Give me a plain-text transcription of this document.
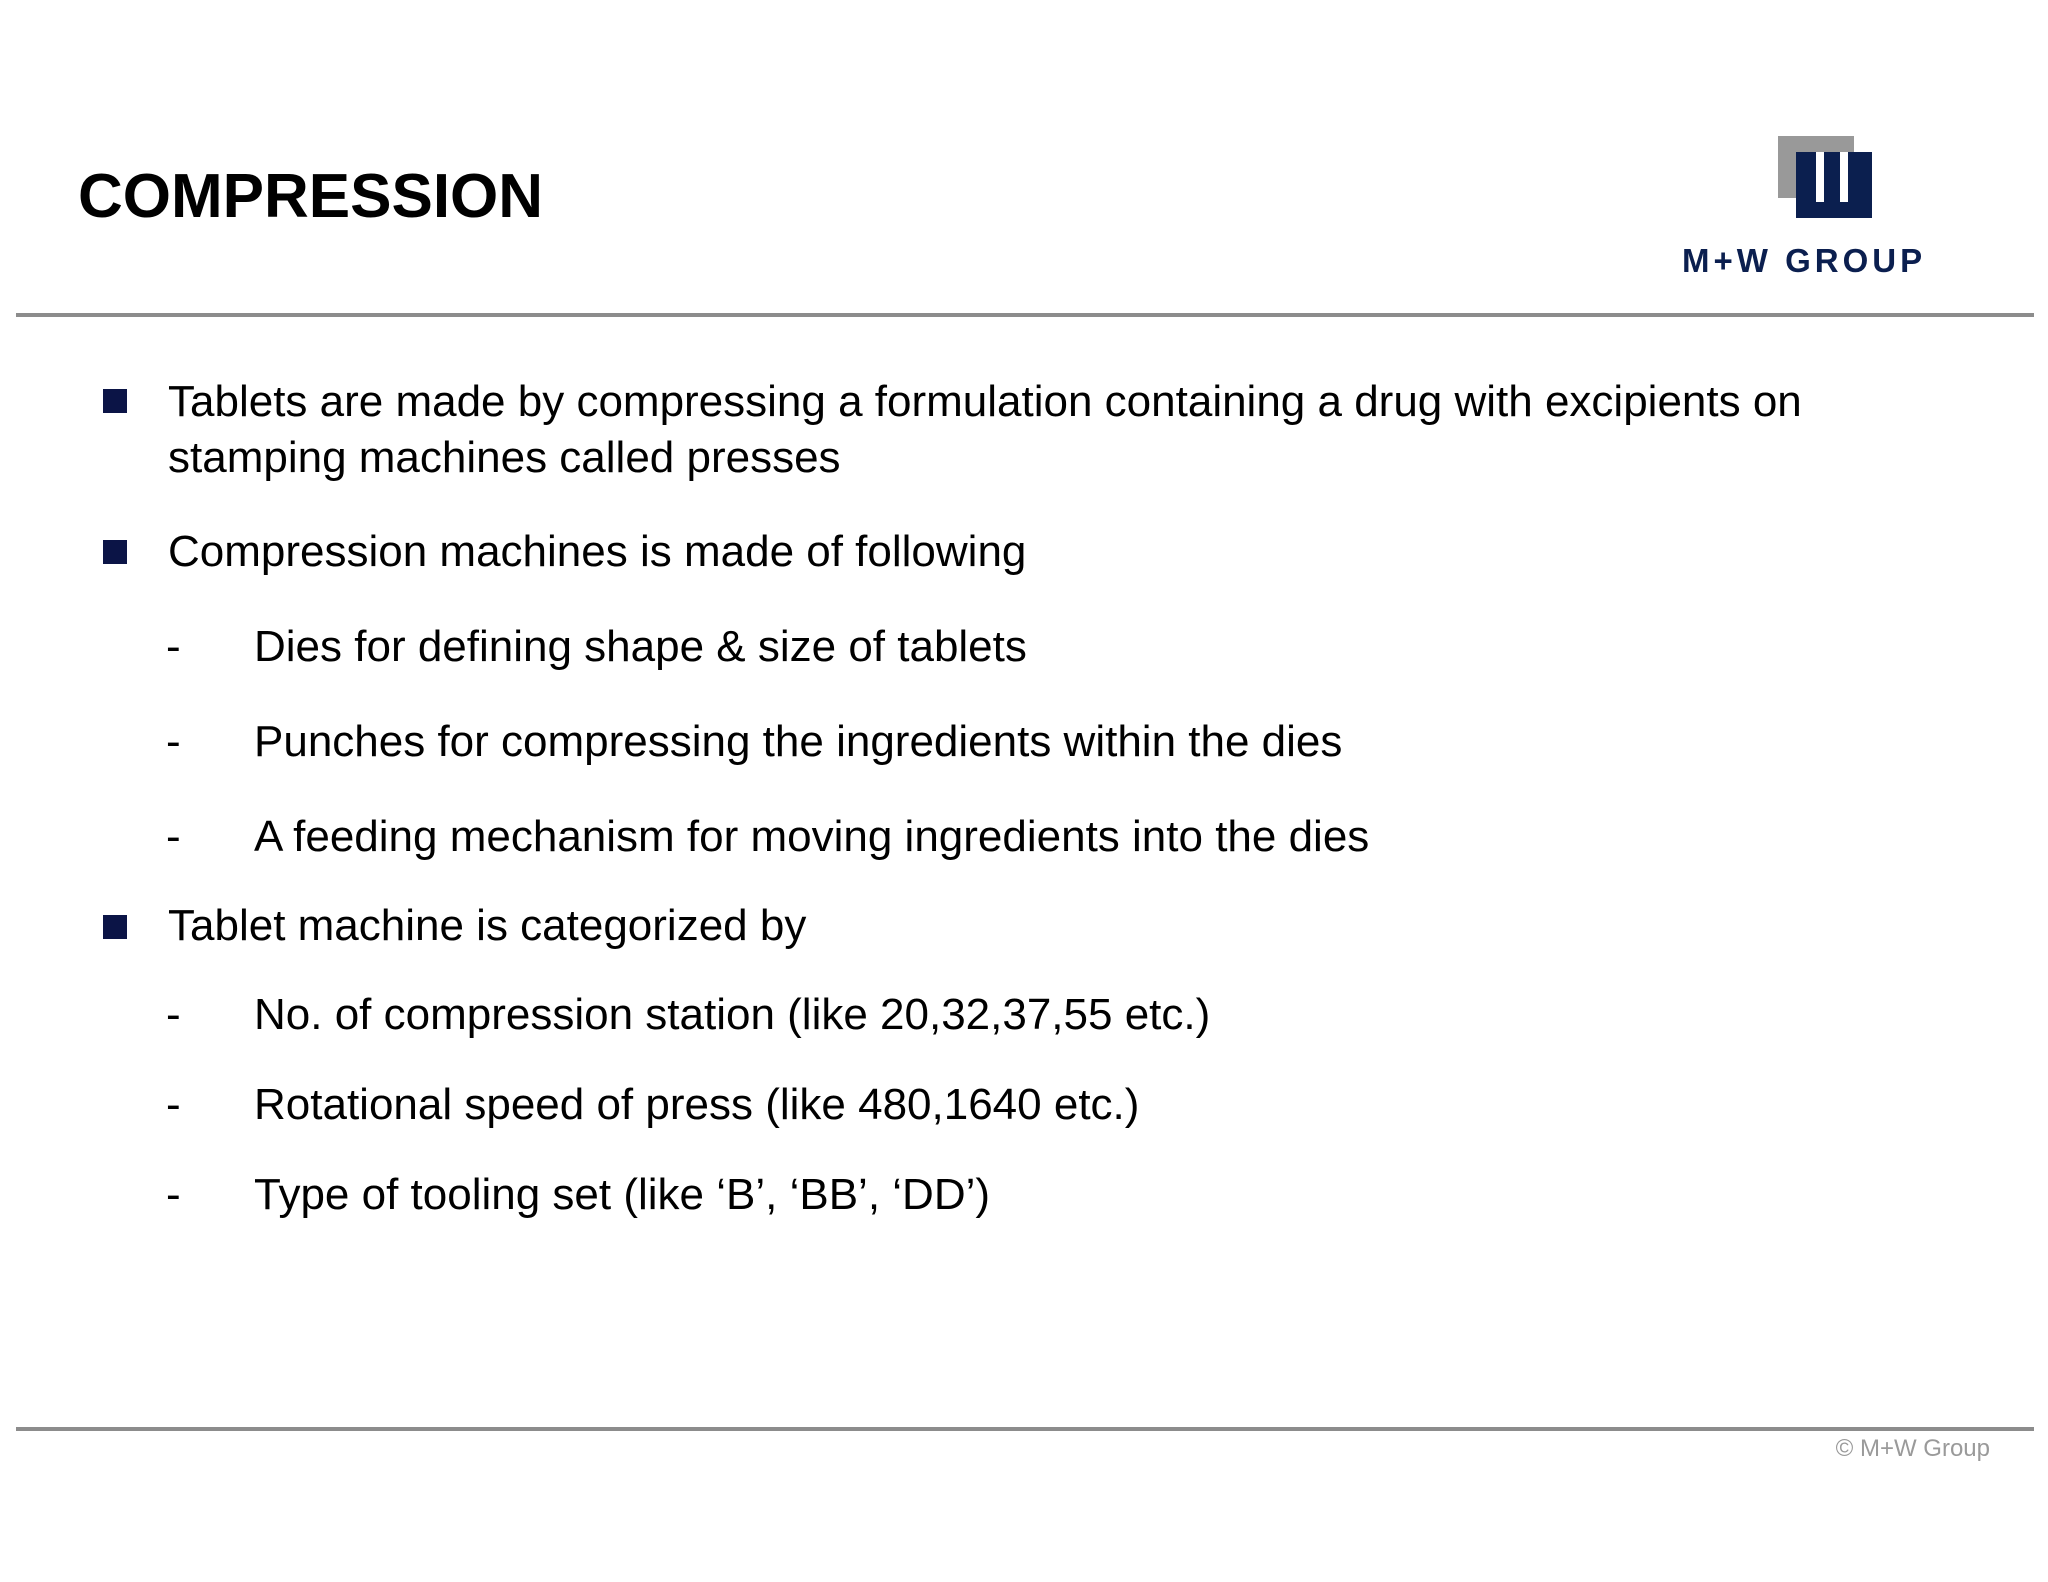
COMPRESSION
M+W GROUP
Tablets are made by compressing a formulation containing a drug with excipients on stamping machines called presses
Compression machines is made of following
- Dies for defining shape & size of tablets
- Punches for compressing the ingredients within the dies
- A feeding mechanism for moving ingredients into the dies
Tablet machine is categorized by
- No. of compression station (like 20,32,37,55 etc.)
- Rotational speed of press (like 480,1640 etc.)
- Type of tooling set (like ‘B’, ‘BB’, ‘DD’)
© M+W Group
